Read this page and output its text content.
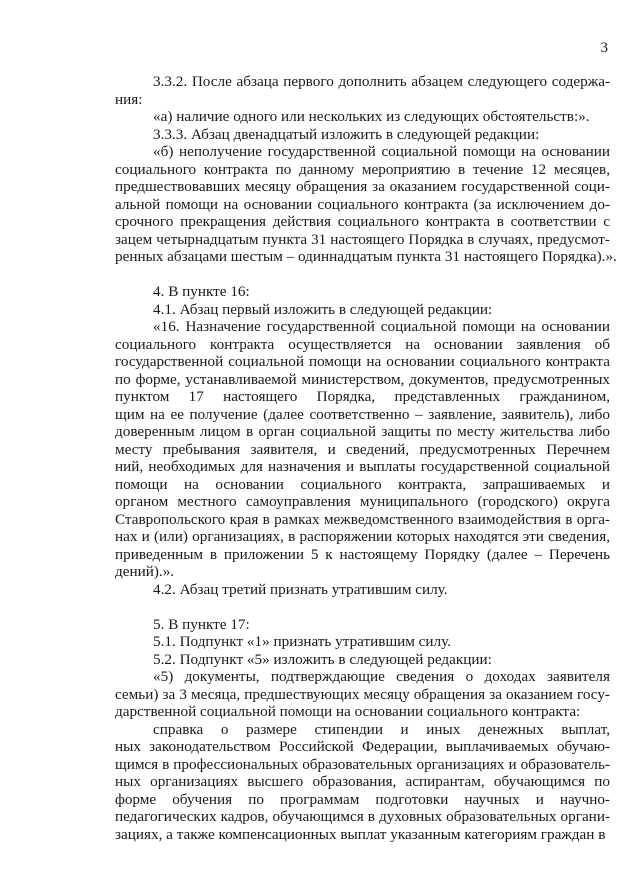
3
3.3.2. После абзаца первого дополнить абзацем следующего содержа-
ния:
«а) наличие одного или нескольких из следующих обстоятельств:».
3.3.3. Абзац двенадцатый изложить в следующей редакции:
«б) неполучение государственной социальной помощи на основании
социального контракта по данному мероприятию в течение 12 месяцев,
предшествовавших месяцу обращения за оказанием государственной соци-
альной помощи на основании социального контракта (за исключением до-
срочного прекращения действия социального контракта в соответствии с
зацем четырнадцатым пункта 31 настоящего Порядка в случаях, предусмот-
ренных абзацами шестым – одиннадцатым пункта 31 настоящего Порядка).».
4. В пункте 16:
4.1. Абзац первый изложить в следующей редакции:
«16. Назначение государственной социальной помощи на основании
социального контракта осуществляется на основании заявления об
государственной социальной помощи на основании социального контракта
по форме, устанавливаемой министерством, документов, предусмотренных
пунктом 17 настоящего Порядка, представленных гражданином,
щим на ее получение (далее соответственно – заявление, заявитель), либо
доверенным лицом в орган социальной защиты по месту жительства либо
месту пребывания заявителя, и сведений, предусмотренных Перечнем
ний, необходимых для назначения и выплаты государственной социальной
помощи на основании социального контракта, запрашиваемых и
органом местного самоуправления муниципального (городского) округа
Ставропольского края в рамках межведомственного взаимодействия в орга-
нах и (или) организациях, в распоряжении которых находятся эти сведения,
приведенным в приложении 5 к настоящему Порядку (далее – Перечень
дений).».
4.2. Абзац третий признать утратившим силу.
5. В пункте 17:
5.1. Подпункт «1» признать утратившим силу.
5.2. Подпункт «5» изложить в следующей редакции:
«5) документы, подтверждающие сведения о доходах заявителя
семьи) за 3 месяца, предшествующих месяцу обращения за оказанием госу-
дарственной социальной помощи на основании социального контракта:
справка о размере стипендии и иных денежных выплат,
ных законодательством Российской Федерации, выплачиваемых обучаю-
щимся в профессиональных образовательных организациях и образователь-
ных организациях высшего образования, аспирантам, обучающимся по
форме обучения по программам подготовки научных и научно-
педагогических кадров, обучающимся в духовных образовательных органи-
зациях, а также компенсационных выплат указанным категориям граждан в
